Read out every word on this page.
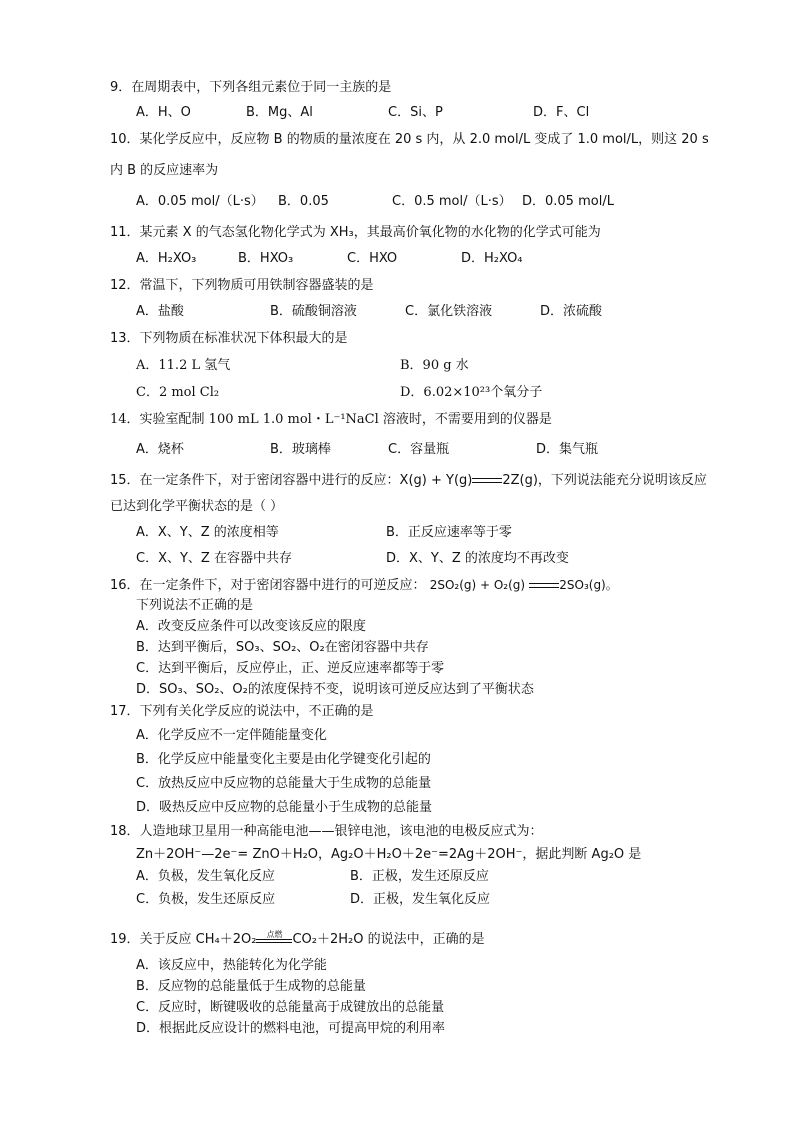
9．在周期表中，下列各组元素位于同一主族的是
A．H、O	B．Mg、Al	C．Si、P	D．F、Cl
10．某化学反应中，反应物 B 的物质的量浓度在 20 s 内，从 2.0 mol/L 变成了 1.0 mol/L，则这 20 s
内 B 的反应速率为
A．0.05 mol/（L·s） B．0.05	C．0.5 mol/（L·s） D．0.05 mol/L
11．某元素 X 的气态氢化物化学式为 XH₃，其最高价氧化物的水化物的化学式可能为
A．H₂XO₃	B．HXO₃	C．HXO	D．H₂XO₄
12．常温下，下列物质可用铁制容器盛装的是
A．盐酸	B．硫酸铜溶液	C．氯化铁溶液	D．浓硫酸
13．下列物质在标准状况下体积最大的是
A．11.2 L 氢气	B．90 g 水
C．2 mol Cl₂	D．6.02×10²³个氧分子
14．实验室配制 100 mL 1.0 mol・L⁻¹NaCl 溶液时，不需要用到的仪器是
A．烧杯	B．玻璃棒	C．容量瓶	D．集气瓶
15．在一定条件下，对于密闭容器中进行的反应：X(g) + Y(g) 2Z(g)，下列说法能充分说明该反应
已达到化学平衡状态的是（ ）
A．X、Y、Z 的浓度相等	B．正反应速率等于零
C．X、Y、Z 在容器中共存	D．X、Y、Z 的浓度均不再改变
16．在一定条件下，对于密闭容器中进行的可逆反应： 2SO₂(g) + O₂(g)	2SO₃(g)。
下列说法不正确的是
A．改变反应条件可以改变该反应的限度
B．达到平衡后，SO₃、SO₂、O₂在密闭容器中共存
C．达到平衡后，反应停止，正、逆反应速率都等于零
D．SO₃、SO₂、O₂的浓度保持不变，说明该可逆反应达到了平衡状态
17．下列有关化学反应的说法中，不正确的是
A．化学反应不一定伴随能量变化
B．化学反应中能量变化主要是由化学键变化引起的
C．放热反应中反应物的总能量大于生成物的总能量
D．吸热反应中反应物的总能量小于生成物的总能量
18．人造地球卫星用一种高能电池——银锌电池，该电池的电极反应式为：
Zn＋2OH⁻—2e⁻= ZnO＋H₂O，Ag₂O＋H₂O＋2e⁻=2Ag＋2OH⁻，据此判断 Ag₂O 是
A．负极，发生氧化反应	B．正极，发生还原反应
C．负极，发生还原反应	D．正极，发生氧化反应
19．关于反应 CH₄＋2O₂	点燃 CO₂＋2H₂O 的说法中，正确的是
A．该反应中，热能转化为化学能
B．反应物的总能量低于生成物的总能量
C．反应时，断键吸收的总能量高于成键放出的总能量
D．根据此反应设计的燃料电池，可提高甲烷的利用率
